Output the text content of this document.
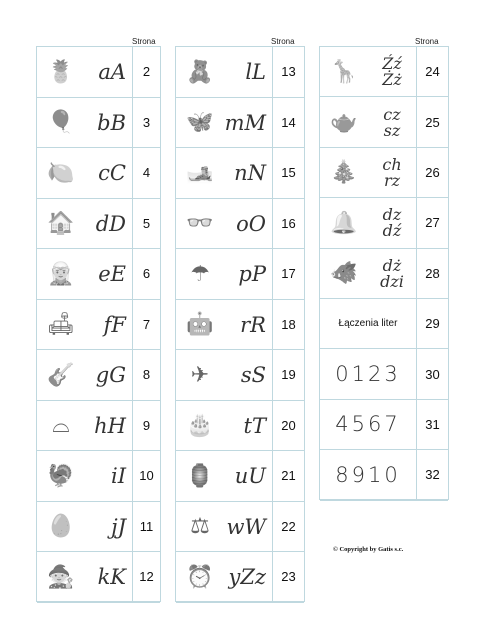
Strona	Strona	Strona
🍍	aA	2
🎈	bB	3
🍋	cC	4
🏠	dD	5
🧝	eE	6
🛋	fF	7
🎸	gG	8
⌓	hH	9
🦃	iI	10
🥚	jJ	11
🧙	kK	12
🧸	lL	13
🦋 mM	14
🎿 nN	15
👓	oO	16
☂	pP	17
🤖	rR	18
✈	sS	19
🎂	tT	20
🏮	uU	21
⚖ wW	22
⏰ yZz	23
🦒	Źź
Żż	24
🫖	cz
sz	25
🎄	ch
rz	26
🔔	dz
dź	27
🐗	dż
dzi	28
Łączenia liter	29
0123	30
4567	31
8910	32
© Copyright by Gatis s.c.
